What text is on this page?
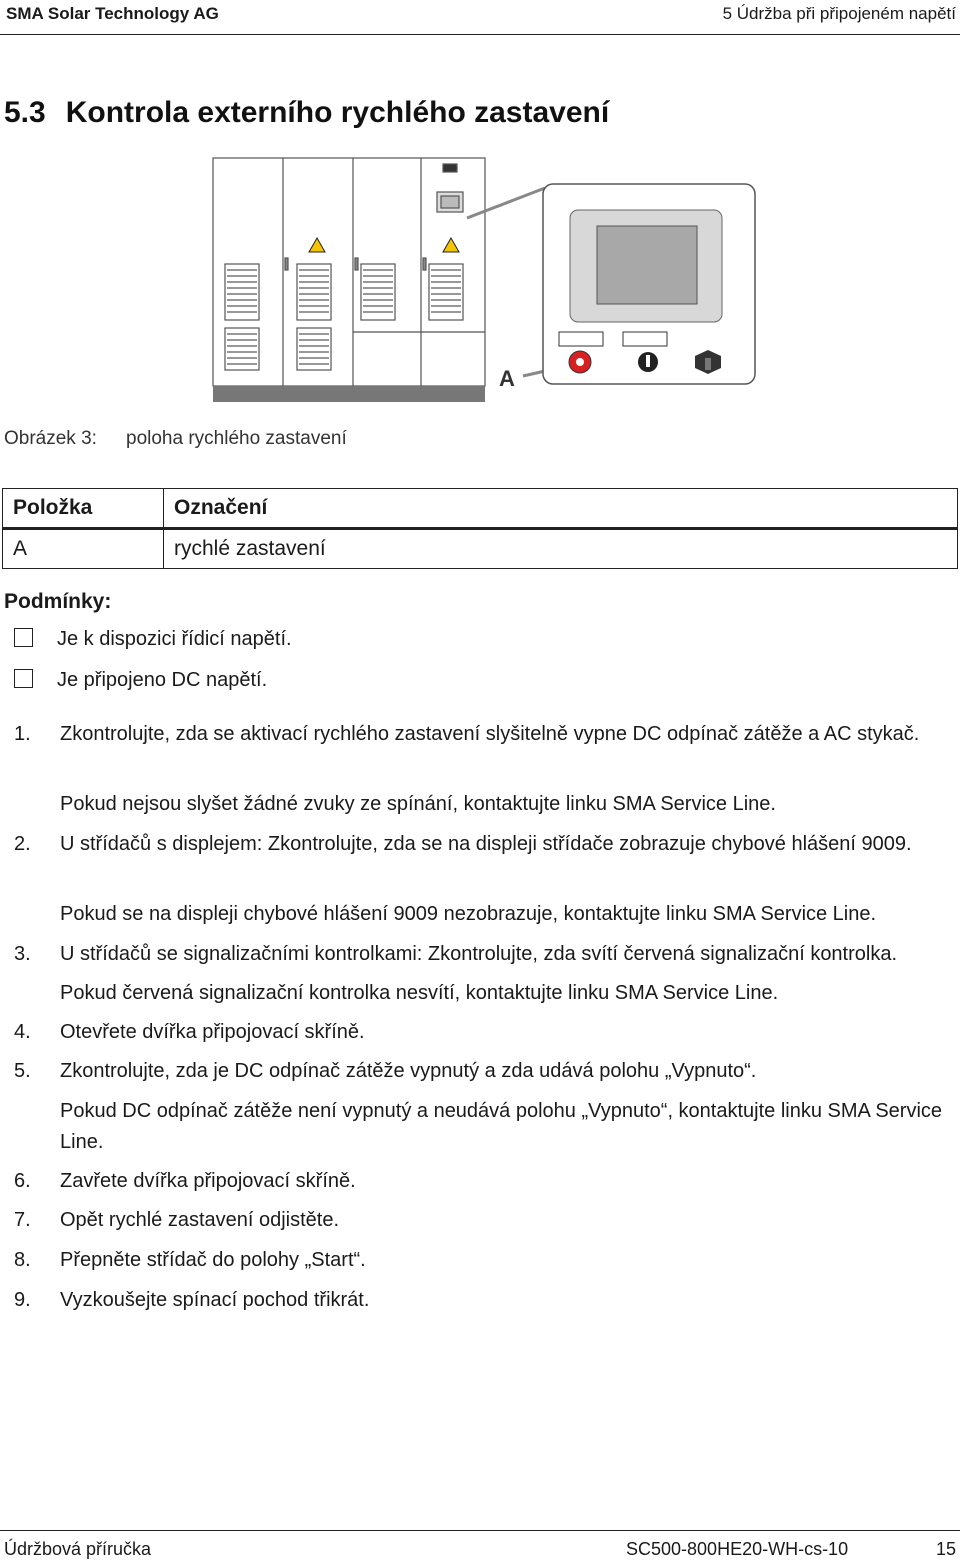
SMA Solar Technology AG	5 Údržba při připojeném napětí
5.3 Kontrola externího rychlého zastavení
A
Obrázek 3: poloha rychlého zastavení
Položka	Označení
A	rychlé zastavení
Podmínky:
Je k dispozici řídicí napětí.
Je připojeno DC napětí.
1. Zkontrolujte, zda se aktivací rychlého zastavení slyšitelně vypne DC odpínač zátěže a AC stykač.
Pokud nejsou slyšet žádné zvuky ze spínání, kontaktujte linku SMA Service Line.
2. U střídačů s displejem: Zkontrolujte, zda se na displeji střídače zobrazuje chybové hlášení 9009.
Pokud se na displeji chybové hlášení 9009 nezobrazuje, kontaktujte linku SMA Service Line.
3. U střídačů se signalizačními kontrolkami: Zkontrolujte, zda svítí červená signalizační kontrolka.
Pokud červená signalizační kontrolka nesvítí, kontaktujte linku SMA Service Line.
4. Otevřete dvířka připojovací skříně.
5. Zkontrolujte, zda je DC odpínač zátěže vypnutý a zda udává polohu „Vypnuto“.
Pokud DC odpínač zátěže není vypnutý a neudává polohu „Vypnuto“, kontaktujte linku SMA Service Line.
6. Zavřete dvířka připojovací skříně.
7. Opět rychlé zastavení odjistěte.
8. Přepněte střídač do polohy „Start“.
9. Vyzkoušejte spínací pochod třikrát.
Údržbová příručka	SC500-800HE20-WH-cs-10	15
